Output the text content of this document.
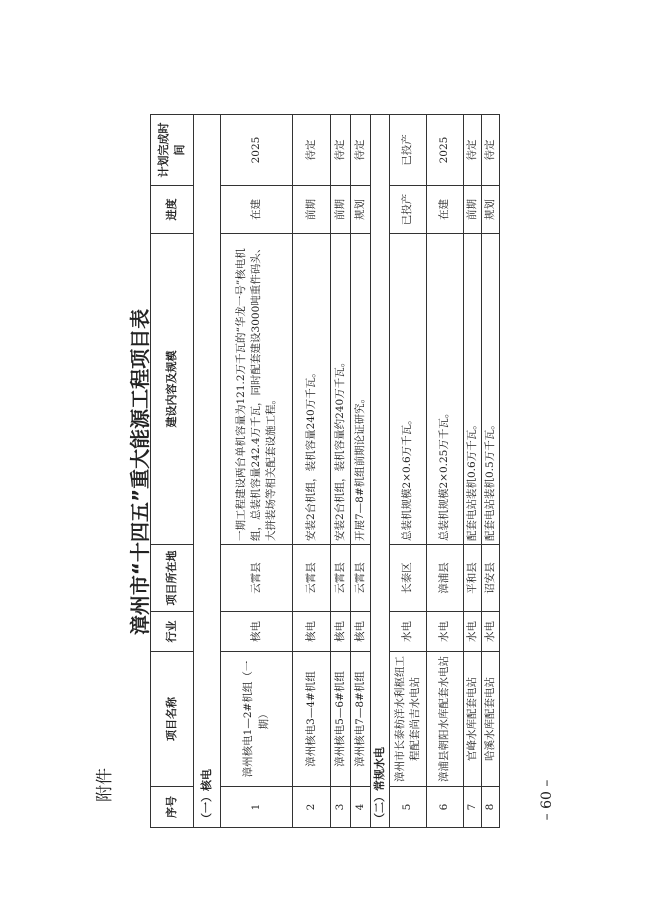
附件
漳州市“十四五”重大能源工程项目表
– 60 –
序号	项目名称	行业	项目所在地	建设内容及规模	进度	计划完成时间
（一）核电						
1	漳州核电1—2#机组（一期）	核电	云霄县	一期工程建设两台单机容量为121.2万千瓦的“华龙一号”核电机组，总装机容量242.4万千瓦，同时配套建设3000吨重件码头、大拼装场等相关配套设施工程。	在建	2025
2	漳州核电3—4#机组	核电	云霄县	安装2台机组，装机容量240万千瓦。	前期	待定
3	漳州核电5—6#机组	核电	云霄县	安装2台机组，装机容量约240万千瓦。	前期	待定
4	漳州核电7—8#机组	核电	云霄县	开展7—8#机组前期论证研究。	规划	待定
（二）常规水电						
5	漳州市长泰枋洋水利枢纽工程配套尚吉水电站	水电	长泰区	总装机规模2×0.6万千瓦。	已投产	已投产
6	漳浦县朝阳水库配套水电站	水电	漳浦县	总装机规模2×0.25万千瓦。	在建	2025
7	官峰水库配套电站	水电	平和县	配套电站装机0.6万千瓦。	前期	待定
8	哈溪水库配套电站	水电	诏安县	配套电站装机0.5万千瓦。	规划	待定
